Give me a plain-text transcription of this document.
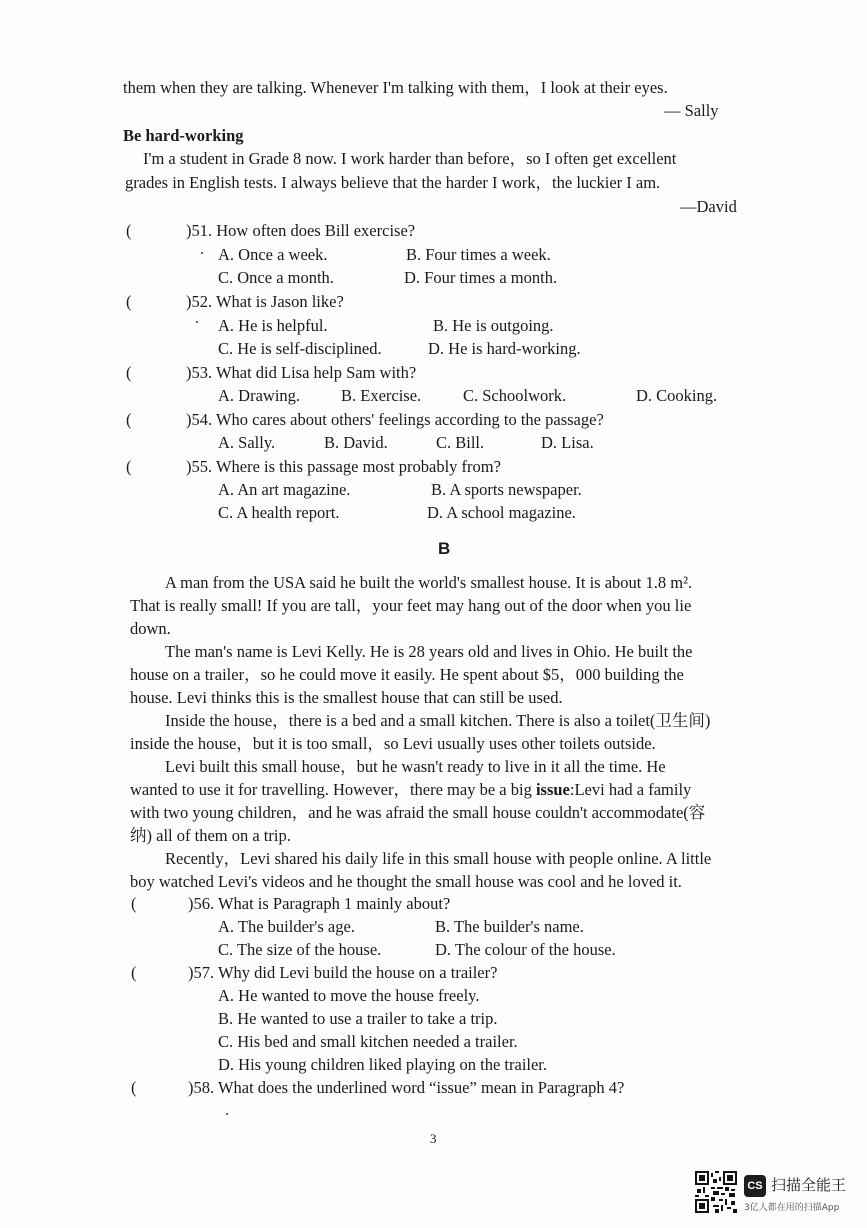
them when they are talking. Whenever I'm talking with them，I look at their eyes.
— Sally
Be hard-working
I'm a student in Grade 8 now. I work harder than before，so I often get excellent
grades in English tests. I always believe that the harder I work，the luckier I am.
—David
(	)51. How often does Bill exercise?
A. Once a week.	B. Four times a week.
C. Once a month.	D. Four times a month.
(	)52. What is Jason like?
A. He is helpful.	B. He is outgoing.
C. He is self-disciplined.	D. He is hard-working.
(	)53. What did Lisa help Sam with?
A. Drawing. B. Exercise.	C. Schoolwork.	D. Cooking.
(	)54. Who cares about others' feelings according to the passage?
A. Sally.	B. David.	C. Bill.	D. Lisa.
(	)55. Where is this passage most probably from?
A. An art magazine.	B. A sports newspaper.
C. A health report.	D. A school magazine.
B
A man from the USA said he built the world's smallest house. It is about 1.8 m².
That is really small! If you are tall，your feet may hang out of the door when you lie
down.
The man's name is Levi Kelly. He is 28 years old and lives in Ohio. He built the
house on a trailer，so he could move it easily. He spent about $5，000 building the
house. Levi thinks this is the smallest house that can still be used.
Inside the house，there is a bed and a small kitchen. There is also a toilet(卫生间)
inside the house，but it is too small，so Levi usually uses other toilets outside.
Levi built this small house，but he wasn't ready to live in it all the time. He
wanted to use it for travelling. However，there may be a big issue:Levi had a family
with two young children，and he was afraid the small house couldn't accommodate(容
纳) all of them on a trip.
Recently，Levi shared his daily life in this small house with people online. A little
boy watched Levi's videos and he thought the small house was cool and he loved it.
(	)56. What is Paragraph 1 mainly about?
A. The builder's age.	B. The builder's name.
C. The size of the house.	D. The colour of the house.
(	)57. Why did Levi build the house on a trailer?
A. He wanted to move the house freely.
B. He wanted to use a trailer to take a trip.
C. His bed and small kitchen needed a trailer.
D. His young children liked playing on the trailer.
(	)58. What does the underlined word “issue” mean in Paragraph 4?
3
CS 扫描全能王
3亿人都在用的扫描App
